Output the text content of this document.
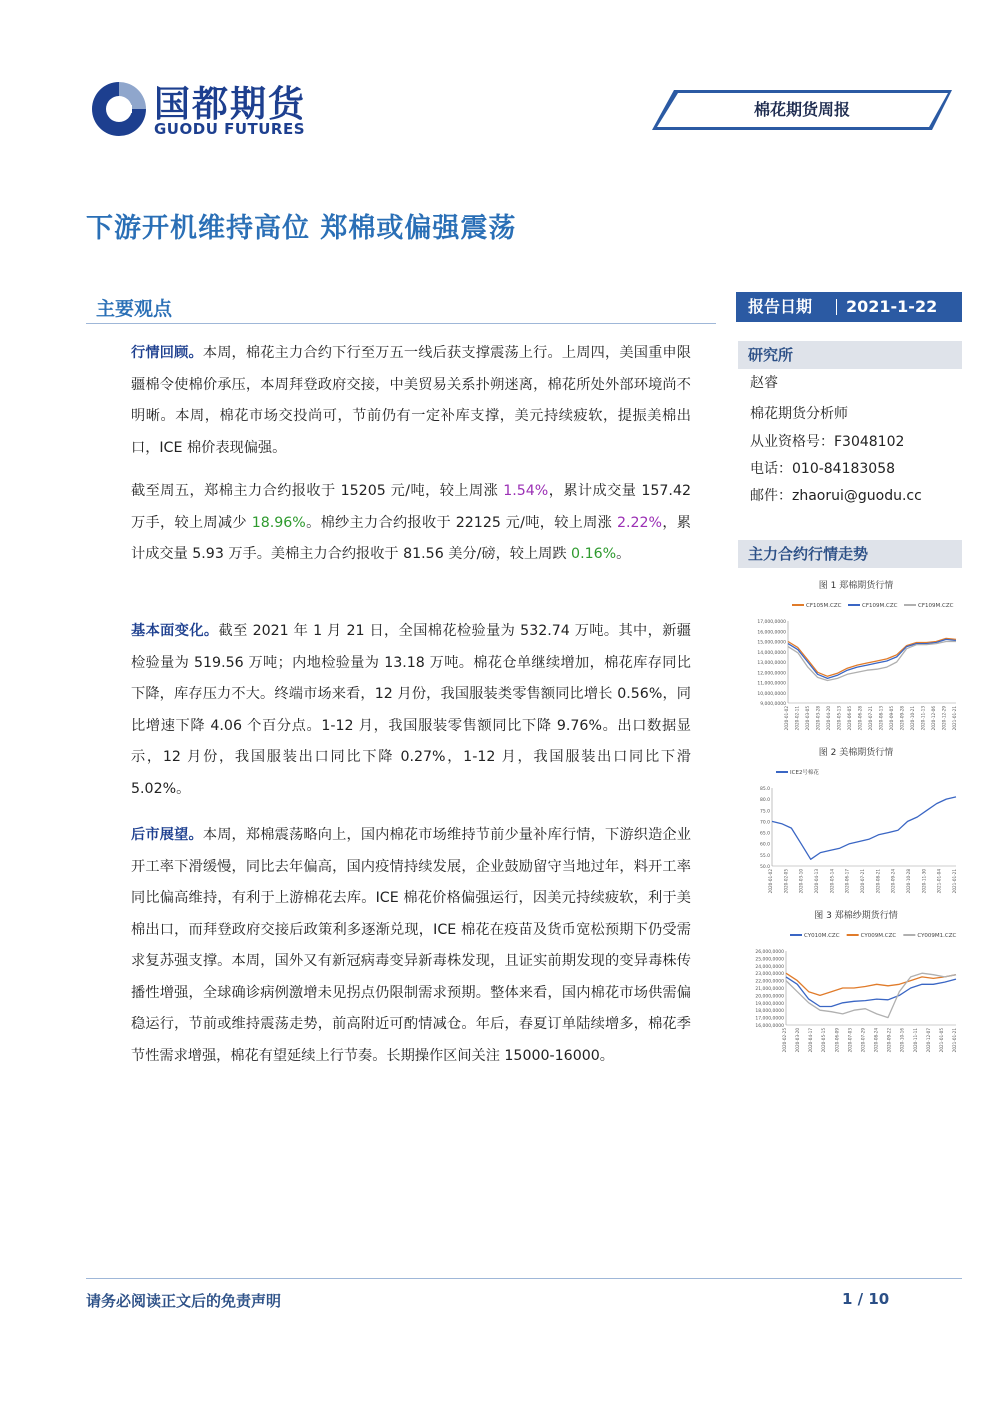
国都期货
GUODU FUTURES
棉花期货周报
下游开机维持高位 郑棉或偏强震荡
主要观点
行情回顾。本周，棉花主力合约下行至万五一线后获支撑震荡上行。上周四，美国重申限疆棉令使棉价承压，本周拜登政府交接，中美贸易关系扑朔迷离，棉花所处外部环境尚不明晰。本周，棉花市场交投尚可，节前仍有一定补库支撑，美元持续疲软，提振美棉出口，ICE 棉价表现偏强。
截至周五，郑棉主力合约报收于 15205 元/吨，较上周涨 1.54%，累计成交量 157.42 万手，较上周减少 18.96%。棉纱主力合约报收于 22125 元/吨，较上周涨 2.22%，累计成交量 5.93 万手。美棉主力合约报收于 81.56 美分/磅，较上周跌 0.16%。
基本面变化。截至 2021 年 1 月 21 日，全国棉花检验量为 532.74 万吨。其中，新疆检验量为 519.56 万吨；内地检验量为 13.18 万吨。棉花仓单继续增加，棉花库存同比下降，库存压力不大。终端市场来看，12 月份，我国服装类零售额同比增长 0.56%，同比增速下降 4.06 个百分点。1-12 月，我国服装零售额同比下降 9.76%。出口数据显示，12 月份，我国服装出口同比下降 0.27%，1-12 月，我国服装出口同比下滑 5.02%。
后市展望。本周，郑棉震荡略向上，国内棉花市场维持节前少量补库行情，下游织造企业开工率下滑缓慢，同比去年偏高，国内疫情持续发展，企业鼓励留守当地过年，料开工率同比偏高维持，有利于上游棉花去库。ICE 棉花价格偏强运行，因美元持续疲软，利于美棉出口，而拜登政府交接后政策利多逐渐兑现，ICE 棉花在疫苗及货币宽松预期下仍受需求复苏强支撑。本周，国外又有新冠病毒变异新毒株发现，且证实前期发现的变异毒株传播性增强，全球确诊病例激增未见拐点仍限制需求预期。整体来看，国内棉花市场供需偏稳运行，节前或维持震荡走势，前高附近可酌情减仓。年后，春夏订单陆续增多，棉花季节性需求增强，棉花有望延续上行节奏。长期操作区间关注 15000-16000。
报告日期 2021-1-22
研究所
赵睿
棉花期货分析师
从业资格号：F3048102
电话：010-84183058
邮件：zhaorui@guodu.cc
主力合约行情走势
图 1 郑棉期货行情
CF105M.CZC	CF109M.CZC	CF109M.CZC
17,000,0000
16,000,0000
15,000,0000
14,000,0000
13,000,0000
12,000,0000
11,000,0000
10,000,0000
9,000,0000
2020-01-02 2020-02-11 2020-03-05 2020-03-28 2020-04-20 2020-05-13 2020-06-05 2020-06-28 2020-07-21 2020-08-13 2020-09-05 2020-09-28 2020-10-21 2020-11-13 2020-12-06 2020-12-29 2021-01-21
图 2 美棉期货行情
ICE2号棉花
85.0
80.0
75.0
70.0
65.0
60.0
55.0
50.0
2020-01-02 2020-02-05 2020-03-10 2020-04-13 2020-05-14 2020-06-17 2020-07-21 2020-08-21 2020-09-24 2020-10-28 2020-11-30 2021-01-04 2021-01-21
图 3 郑棉纱期货行情
CY010M.CZC	CY009M.CZC	CY009M1.CZC
26,000,0000
25,000,0000
24,000,0000
23,000,0000
22,000,0000
21,000,0000
20,000,0000
19,000,0000
18,000,0000
17,000,0000
16,000,0000
2020-02-25 2020-03-20 2020-04-17 2020-05-15 2020-06-09 2020-07-03 2020-07-29 2020-08-24 2020-09-22 2020-10-16 2020-11-11 2020-12-07 2021-01-05 2021-01-21
请务必阅读正文后的免责声明	1 / 10
